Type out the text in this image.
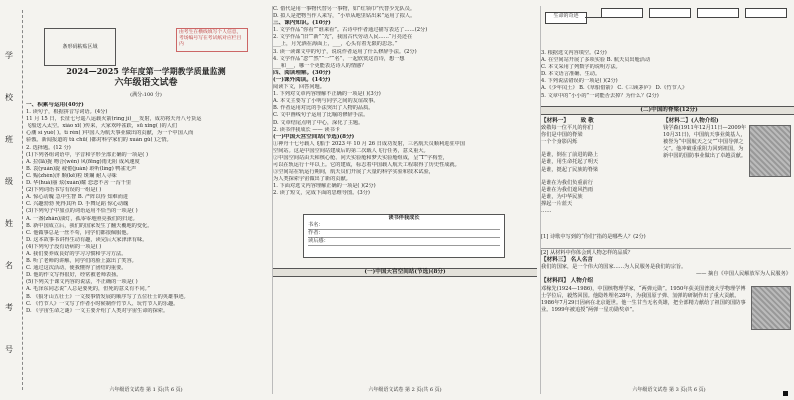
学
校
班
级
姓
名
考
号
条形码粘贴区域
由考生在横线填写个人信息，考场编号写在考试纸对应栏目内
2024—2025 学年度第一学期教学质量监测
六年级语文试卷
(满分:100 分)
一、积累与运用(40分)
1. 读句子，根据拼音写词语。(4分)
11 月 15 日，长征七号遥八运载火箭(rìng jì)___发射，成功将天舟八号货运
飞船送入太空。xiào xī( )传来，大家欢呼雀跃，sū xǐng( )的人们
心潮 sì yuè( )。tì rèn( )中国人为航天事业做出的贡献，为一个中国人而
骄傲。新闻报道的 tǔ chū( )都对科学家们的 xuàn gǔ( )之情。
2. 选择题。(12 分)
(1)下列各组词语中，字音和字形全部正确的一项是( )
A. 拉(lā)拢 吻合(wěn) 风(fēng)雨无阻 成风速度
B. 袁(yuán)旋 疲倦(juàn) 聆听(líng) 鸭雀无声
C. 赈(zhèn)济 颗(kē)粒 斑斓 耐人寻味
D. 华(huá)丽 炫(xuàn)耀 恋恋不舍 一泻千里
(2)下列词语书写有误的一组是( )
A. 惊心动魄 急中生智 B. 严阵以待 知难而进
C. 兴趣勃勃 死得其所 D. 手舞足蹈 惊心动魄
(3)下列句子中加点的词语运用不恰当的一项是( )
A. 一盏(zhǎn)油灯，孤零零地照亮我们的归途。
B. 新中国成立后，我们的国家发生了翻天覆地的变化。
C. 他做事总是一丝不苟，同学们都很佩服他。
D. 这本故事书讲得生动有趣，读完后大家津津有味。
(4)下列句子没有语病的一项是( )
A. 我们要养成良好的学习习惯和学习方法。
B. 听了老师的讲解，同学们的脸上露出了笑容。
C. 通过这次活动，使我懂得了团结的重要。
D. 他的作文写得很好，经常被老师表扬。
(5)下列关于课文内容的说法，不正确的一项是( )
A. 毛泽东同志说“人总是要死的，但死的意义有不同。”
B. 《狼牙山五壮士》一文按事情发展的顺序写了五位壮士的英雄事迹。
C. 《竹节人》一文写了作者小时候制作竹节人、玩竹节人的乐趣。
D. 《宇宙生命之谜》一文主要介绍了人类对宇宙生命的探索。
六年级语文试卷 第 1 页(共 6 页)
C. 借代是用一事物代替另一事物，如“红领巾”代替少先队员。
D. 拟人是把物当作人来写，“小草从地里钻出来”运用了拟人。
三、课内知识。(10分)
1. 文学作品“你看”“谁来看”。古诗中作者通过描写表达了……(2分)
2. 文学作品“旧”“新”“先”，我国古代劳动人民……“月亮还在
___上，月光洒在海面上，___，心头有着无限的思念。”
3. 读一读课文中的句子，说说作者运用了什么修辞手法。(2分)
4. 文学作品“忽”“然”“一”“名”，一起欣赏这首诗，想一想
___和___，哪一个更能表达诗人的情感？
四、阅读理解。(30分)
(一)课外阅读。(14分)
阅读下文，回答问题。
1. 下列对文章内容理解不正确的一项是( )(3分)
A. 本文主要写了小明与同学之间的友谊故事。
B. 作者运用对比的手法突出了人物的品质。
C. 文中画线句子运用了比喻的修辞手法。
D. 文章结尾点明了中心，深化了主题。
2. 读书伴我成长 —— 读书卡
(一)中国天宫空间站(节选)(8分)
①神舟十七号载人飞船于 2023 年 10 月 26 日成功发射，三名航天员顺利进驻中国
空间站。这是中国空间站建成后的第二次载人飞行任务，意义重大。
②中国空间站由天和核心舱、问天实验舱和梦天实验舱组成，呈“T”字构型，
可以在轨运行十年以上。它的建成，标志着中国载人航天工程取得了历史性成就。
③空间站在轨运行期间，航天员们开展了大量的科学实验和技术试验，
为人类探索宇宙做出了新的贡献。
1. 下面对选文内容理解正确的一项是( )(2分)
2. 读了短文，完成下面的思维导图。(3分)
读书伴我成长
书名：
作者：
读后感：
(一)中国天宫空间站(节选)(8分)
六年级语文试卷 第 2 页(共 6 页)
生命的奇迹
3. 根据选文内容填空。(2分)
A. 在空间站开展了多项实验 B. 航天员出舱活动
C. 本文采用了列数字的说明方法。
D. 本文语言准确、生动。
4. 下列说法错误的一项是( )(2分)
A.《少年闰土》 B.《草船借箭》 C.《三顾茅庐》 D.《竹节人》
5. 文章中的“小小的”一词能否去掉？为什么？(2分)
(二)中国的脊梁(12分)
【材料一】 致 敬
致敬每一位平凡的你们
你们是中国的脊梁
一个个身影闪烁
是谁，倒在了前进的路上
是谁，用生命托起了明天
是谁，挺起了民族的脊梁
是谁在为我们负重前行
是谁在为我们遮风挡雨
是谁，为中华民族
撑起一片蓝天
……
【材料二】(人物介绍)
钱学森(1911年12月11日—2009年10月31日)，中国航天事业奠基人，被誉为“中国航天之父”“中国导弹之父”。他冲破重重阻力回到祖国，为新中国的国防事业做出了卓越贡献。
[1] 诗歌中写到的“你们”指的是哪些人？(2分)
[2] 从材料中你体会到人物怎样的品质？
【材料三】 名人名言
我们的国家，是一个伟大的国家……为人民服务是我们的宗旨。
—— 摘自《中国人民解放军为人民服务》
【材料四】 人物介绍
邓稼先(1924—1986)，中国核物理学家，“两弹元勋”。1950年获美国普渡大学物理学博士学位后，毅然回国。他隐姓埋名28年，为我国原子弹、氢弹的研制作出了重大贡献。1986年7月29日因病在北京逝世。他一生甘当无名英雄，把全部精力献给了祖国的国防事业。1999年被追授“两弹一星功勋奖章”。
六年级语文试卷 第 3 页(共 6 页)
